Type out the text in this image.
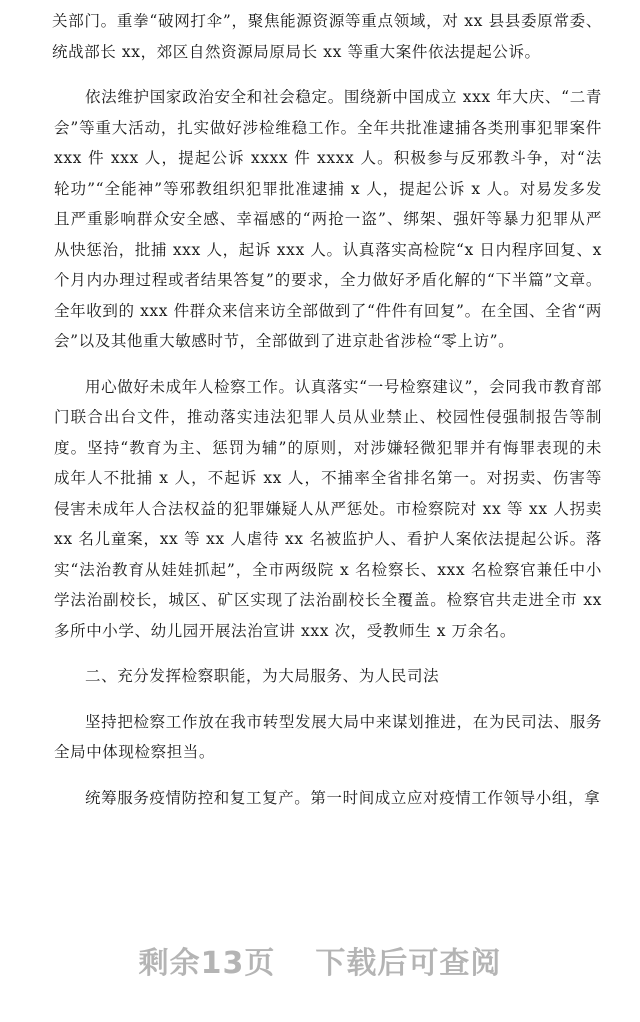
关部门。重拳“破网打伞”，聚焦能源资源等重点领域，对 xx 县县委原常委、统战部长 xx，郊区自然资源局原局长 xx 等重大案件依法提起公诉。

依法维护国家政治安全和社会稳定。围绕新中国成立 xxx 年大庆、“二青会”等重大活动，扎实做好涉检维稳工作。全年共批准逮捕各类刑事犯罪案件 xxx 件 xxx 人，提起公诉 xxxx 件 xxxx 人。积极参与反邪教斗争，对“法轮功”“全能神”等邪教组织犯罪批准逮捕 x 人，提起公诉 x 人。对易发多发且严重影响群众安全感、幸福感的“两抢一盗”、绑架、强奸等暴力犯罪从严从快惩治，批捕 xxx 人，起诉 xxx 人。认真落实高检院“x 日内程序回复、x 个月内办理过程或者结果答复”的要求，全力做好矛盾化解的“下半篇”文章。全年收到的 xxx 件群众来信来访全部做到了“件件有回复”。在全国、全省“两会”以及其他重大敏感时节，全部做到了进京赴省涉检“零上访”。

用心做好未成年人检察工作。认真落实“一号检察建议”，会同我市教育部门联合出台文件，推动落实违法犯罪人员从业禁止、校园性侵强制报告等制度。坚持“教育为主、惩罚为辅”的原则，对涉嫌轻微犯罪并有悔罪表现的未成年人不批捕 x 人，不起诉 xx 人，不捕率全省排名第一。对拐卖、伤害等侵害未成年人合法权益的犯罪嫌疑人从严惩处。市检察院对 xx 等 xx 人拐卖 xx 名儿童案，xx 等 xx 人虐待 xx 名被监护人、看护人案依法提起公诉。落实“法治教育从娃娃抓起”，全市两级院 x 名检察长、xxx 名检察官兼任中小学法治副校长，城区、矿区实现了法治副校长全覆盖。检察官共走进全市 xx 多所中小学、幼儿园开展法治宣讲 xxx 次，受教师生 x 万余名。

二、充分发挥检察职能，为大局服务、为人民司法

坚持把检察工作放在我市转型发展大局中来谋划推进，在为民司法、服务全局中体现检察担当。

统筹服务疫情防控和复工复产。第一时间成立应对疫情工作领导小组，拿

剩余13页 下载后可查阅
